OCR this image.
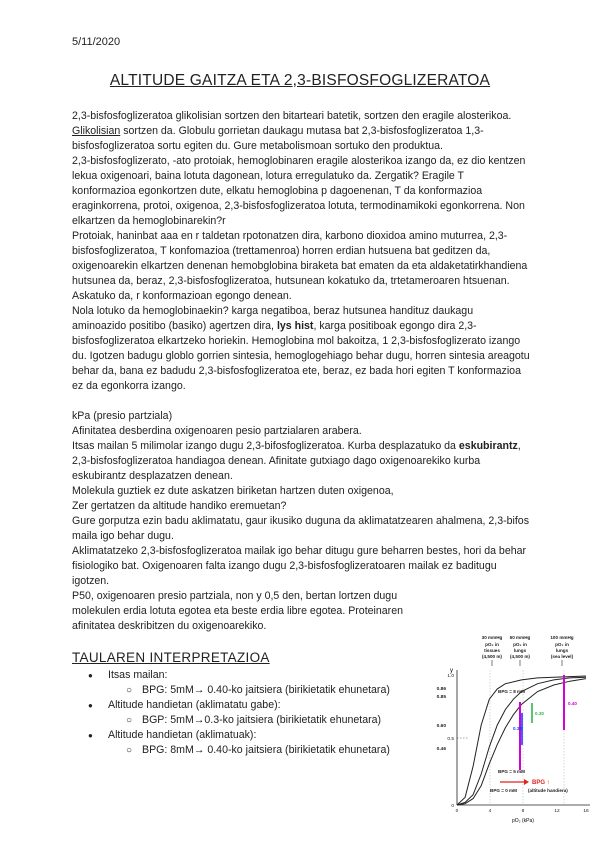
5/11/2020
ALTITUDE GAITZA ETA 2,3-BISFOSFOGLIZERATOA

2,3-bisfosfoglizeratoa glikolisian sortzen den bitarteari batetik, sortzen den eragile alosterikoa. Glikolisian sortzen da. Globulu gorrietan daukagu mutasa bat 2,3-bisfosfoglizeratoa 1,3-bisfosfoglizeratoa sortu egiten du. Gure metabolismoan sortuko den produktua.

2,3-bisfosfoglizerato, -ato protoiak, hemoglobinaren eragile alosterikoa izango da, ez dio kentzen lekua oxigenoari, baina lotuta dagonean, lotura erregulatuko da. Zergatik? Eragile T konformazioa egonkortzen dute, elkatu hemoglobina p dagoenenan, T da konformazioa eraginkorrena, protoi, oxigenoa, 2,3-bisfosfoglizeratoa lotuta, termodinamikoki egonkorrena. Non elkartzen da hemoglobinarekin?r

Protoiak, haninbat aaa en r taldetan rpotonatzen dira, karbono dioxidoa amino muturrea, 2,3-bisfosfoglizeratoa, T konfomazioa (trettamenroa) horren erdian hutsuena bat geditzen da, oxigenoarekin elkartzen denenan hemobglobina biraketa bat ematen da eta aldaketatirkhandiena hutsunea da, beraz, 2,3-bisfosfoglizeratoa, hutsunean kokatuko da, trtetameroaren htsuenan.

Askatuko da, r konformazioan egongo denean.

Nola lotuko da hemoglobinaekin? karga negatiboa, beraz hutsunea handituz daukagu aminoazido positibo (basiko) agertzen dira, lys hist, karga positiboak egongo dira 2,3-bisfosfoglizeratoa elkartzeko horiekin. Hemoglobina mol bakoitza, 1 2,3-bisfosfoglizerato izango du. Igotzen badugu globlo gorrien sintesia, hemoglogehiago behar dugu, horren sintesia areagotu behar da, bana ez badudu 2,3-bisfosfoglizeratoa ete, beraz, ez bada hori egiten T konformazioa ez da egonkorra izango.

kPa (presio partziala)

Afinitatea desberdina oxigenoaren pesio partzialaren arabera.

Itsas mailan 5 milimolar izango dugu 2,3-bifosfoglizeratoa. Kurba desplazatuko da eskubirantz, 2,3-bisfosfoglizeratoa handiagoa denean. Afinitate gutxiago dago oxigenoarekiko kurba eskubirantz desplazatzen denean.

Molekula guztiek ez dute askatzen biriketan hartzen duten oxigenoa,

Zer gertatzen da altitude handiko eremuetan?

Gure gorputza ezin badu aklimatatu, gaur ikusiko duguna da aklimatatzearen ahalmena, 2,3-bifos maila igo behar dugu.

Aklimatatzeko 2,3-bisfosfoglizeratoa mailak igo behar ditugu gure beharren bestes, hori da behar fisiologiko bat. Oxigenoaren falta izango dugu 2,3-bisfosfoglizeratoaren mailak ez baditugu igotzen.

P50, oxigenoaren presio partziala, non y 0,5 den, bertan lortzen dugu molekulen erdia lotuta egotea eta beste erdia libre egotea. Proteinaren afinitatea deskribitzen du oxigenoarekiko.

TAULAREN INTERPRETAZIOA
● Itsas mailan:
○ BPG: 5mM→ 0.40-ko jaitsiera (birikietatik ehunetara)
● Altitude handietan (aklimatatu gabe):
○ BGP: 5mM→0.3-ko jaitsiera (birikietatik ehunetara)
● Altitude handietan (aklimatuak):
○ BPG: 8mM→ 0.40-ko jaitsiera (birikietatik ehunetara)
30 mmHg
pO₂ in
tissues
(4,500 m)
50 mmHg
pO₂ in
lungs
(4,500 m)
100 mmHg
pO₂ in
lungs
(sea level)
y
0	4	8	12	16
0
0.5
1.0
0.86
0.85
0.60
0.46
pO₂ (kPa)
BPG = 8 mM
0.40
0.30
0.38
BPG = 5 mM
BPG ↑
BPG = 0 mM (altitude handiera)
